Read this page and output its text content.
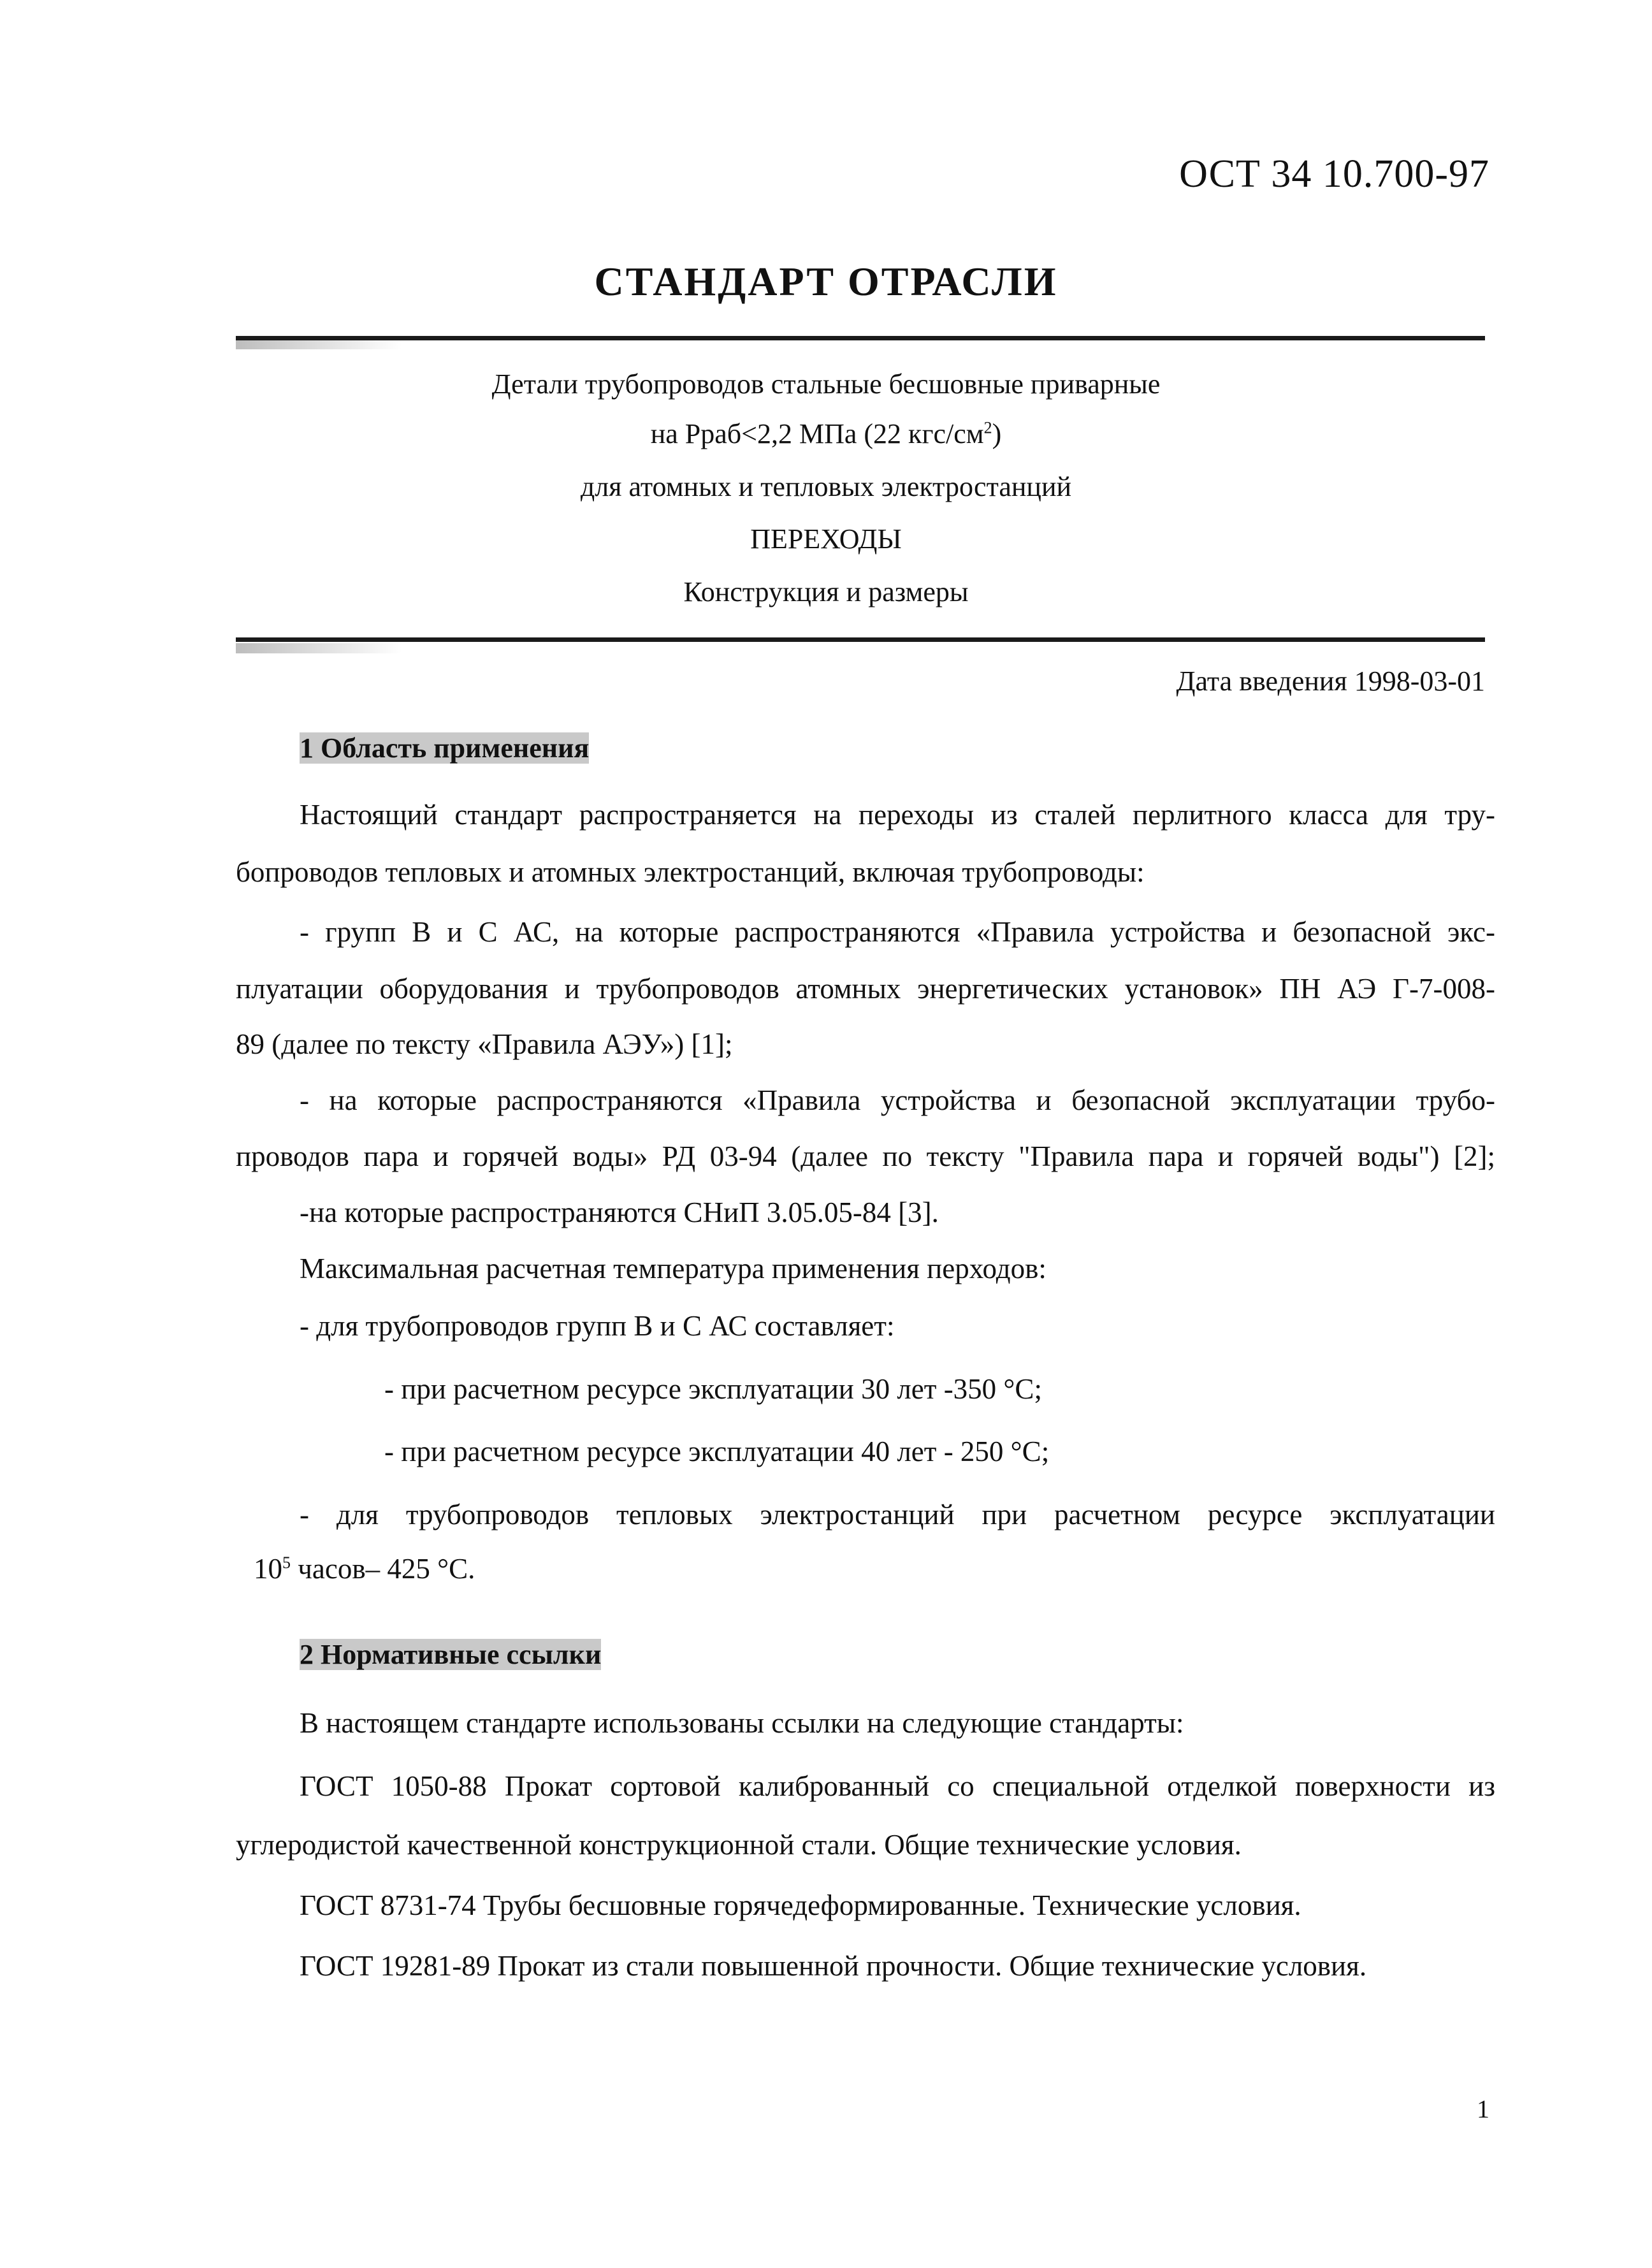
ОСТ 34 10.700-97
СТАНДАРТ ОТРАСЛИ
Детали трубопроводов стальные бесшовные приварные
на Рраб<2,2 МПа (22 кгс/$см^2$)
для атомных и тепловых электростанций
ПЕРЕХОДЫ
Конструкция и размеры
Дата введения 1998-03-01
1 Область применения
Настоящий стандарт распространяется на переходы из сталей перлитного класса для тру-
бопроводов тепловых и атомных электростанций, включая трубопроводы:
- групп В и С АС, на которые распространяются «Правила устройства и безопасной экс-
плуатации оборудования и трубопроводов атомных энергетических установок» ПН АЭ Г-7-008-
89 (далее по тексту «Правила АЭУ») [1];
- на которые распространяются «Правила устройства и безопасной эксплуатации трубо-
проводов пара и горячей воды» РД 03-94 (далее по тексту "Правила пара и горячей воды") [2];
-на которые распространяются СНиП 3.05.05-84 [3].
Максимальная расчетная температура применения перходов:
- для трубопроводов групп В и С АС составляет:
- при расчетном ресурсе эксплуатации 30 лет -350 °С;
- при расчетном ресурсе эксплуатации 40 лет - 250 °С;
- для трубопроводов тепловых электростанций при расчетном ресурсе эксплуатации
$10^5$ часов– 425 °С.
2 Нормативные ссылки
В настоящем стандарте использованы ссылки на следующие стандарты:
ГОСТ 1050-88 Прокат сортовой калиброванный со специальной отделкой поверхности из
углеродистой качественной конструкционной стали. Общие технические условия.
ГОСТ 8731-74 Трубы бесшовные горячедеформированные. Технические условия.
ГОСТ 19281-89 Прокат из стали повышенной прочности. Общие технические условия.
1
